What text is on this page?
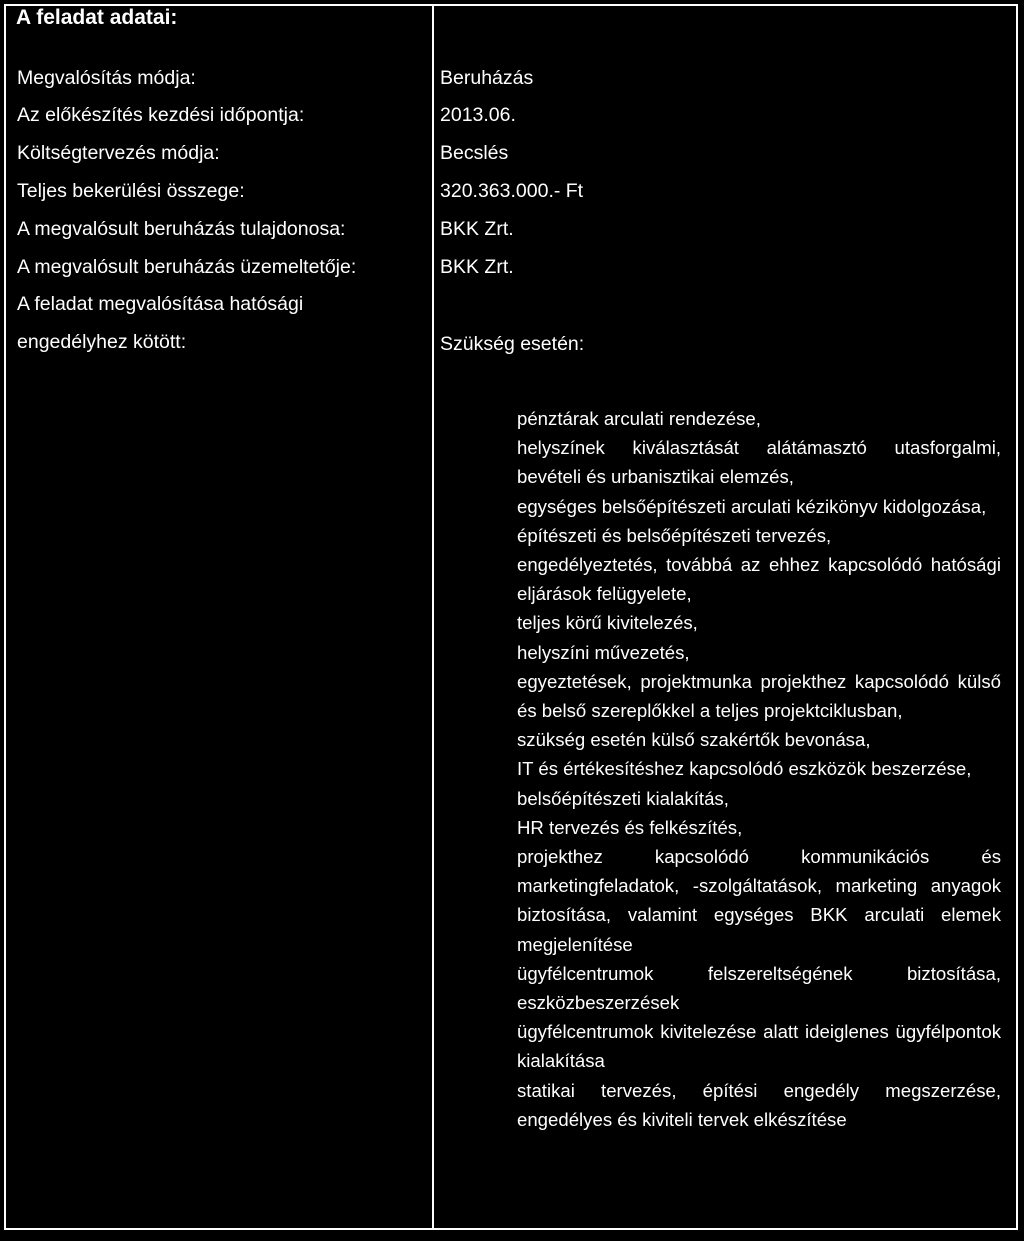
A feladat adatai:
Megvalósítás módja:	Beruházás
Az előkészítés kezdési időpontja:	2013.06.
Költségtervezés módja:	Becslés
Teljes bekerülési összege:	320.363.000.- Ft
A megvalósult beruházás tulajdonosa:	BKK Zrt.
A megvalósult beruházás üzemeltetője:	BKK Zrt.
A feladat megvalósítása hatósági
engedélyhez kötött:	Szükség esetén:
pénztárak arculati rendezése,
helyszínek kiválasztását alátámasztó utasforgalmi, bevételi és urbanisztikai elemzés,
egységes belsőépítészeti arculati kézikönyv kidolgozása,
építészeti és belsőépítészeti tervezés,
engedélyeztetés, továbbá az ehhez kapcsolódó hatósági eljárások felügyelete,
teljes körű kivitelezés,
helyszíni művezetés,
egyeztetések, projektmunka projekthez kapcsolódó külső és belső szereplőkkel a teljes projektciklusban,
szükség esetén külső szakértők bevonása,
IT és értékesítéshez kapcsolódó eszközök beszerzése,
belsőépítészeti kialakítás,
HR tervezés és felkészítés,
projekthez kapcsolódó kommunikációs és marketingfeladatok, -szolgáltatások, marketing anyagok biztosítása, valamint egységes BKK arculati elemek megjelenítése
ügyfélcentrumok felszereltségének biztosítása, eszközbeszerzések
ügyfélcentrumok kivitelezése alatt ideiglenes ügyfélpontok kialakítása
statikai tervezés, építési engedély megszerzése, engedélyes és kiviteli tervek elkészítése
